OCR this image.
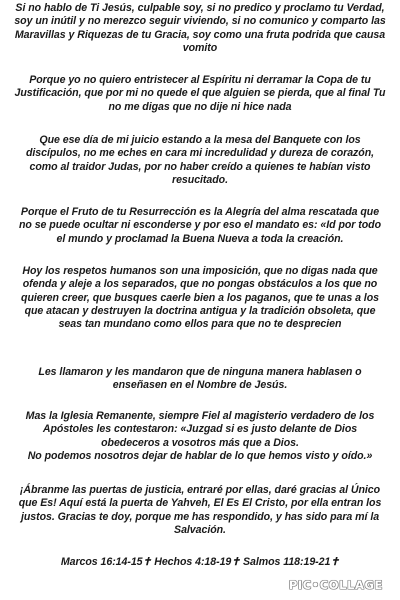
Si no hablo de Ti Jesús, culpable soy, si no predico y proclamo tu Verdad, soy un inútil y no merezco seguir viviendo, si no comunico y comparto las Maravillas y Riquezas de tu Gracia, soy como una fruta podrida que causa vomito

Porque yo no quiero entristecer al Espíritu ni derramar la Copa de tu Justificación, que por mi no quede el que alguien se pierda, que al final Tu no me digas que no dije ni hice nada

Que ese día de mi juicio estando a la mesa del Banquete con los discípulos, no me eches en cara mi incredulidad y dureza de corazón, como al traidor Judas, por no haber creído a quienes te habían visto resucitado.

Porque el Fruto de tu Resurrección es la Alegría del alma rescatada que no se puede ocultar ni esconderse y por eso el mandato es: «Id por todo el mundo y proclamad la Buena Nueva a toda la creación.

Hoy los respetos humanos son una imposición, que no digas nada que ofenda y aleje a los separados, que no pongas obstáculos a los que no quieren creer, que busques caerle bien a los paganos, que te unas a los que atacan y destruyen la doctrina antigua y la tradición obsoleta, que seas tan mundano como ellos para que no te desprecien

Les llamaron y les mandaron que de ninguna manera hablasen o enseñasen en el Nombre de Jesús.

Mas la Iglesia Remanente, siempre Fiel al magisterio verdadero de los Apóstoles les contestaron: «Juzgad si es justo delante de Dios obedeceros a vosotros más que a Dios.
No podemos nosotros dejar de hablar de lo que hemos visto y oído.»

¡Ábranme las puertas de justicia, entraré por ellas, daré gracias al Único que Es! Aquí está la puerta de Yahveh, El Es El Cristo, por ella entran los justos. Gracias te doy, porque me has respondido, y has sido para mí la Salvación.

Marcos 16:14-15✝ Hechos 4:18-19✝ Salmos 118:19-21✝

PIC•COLLAGE
